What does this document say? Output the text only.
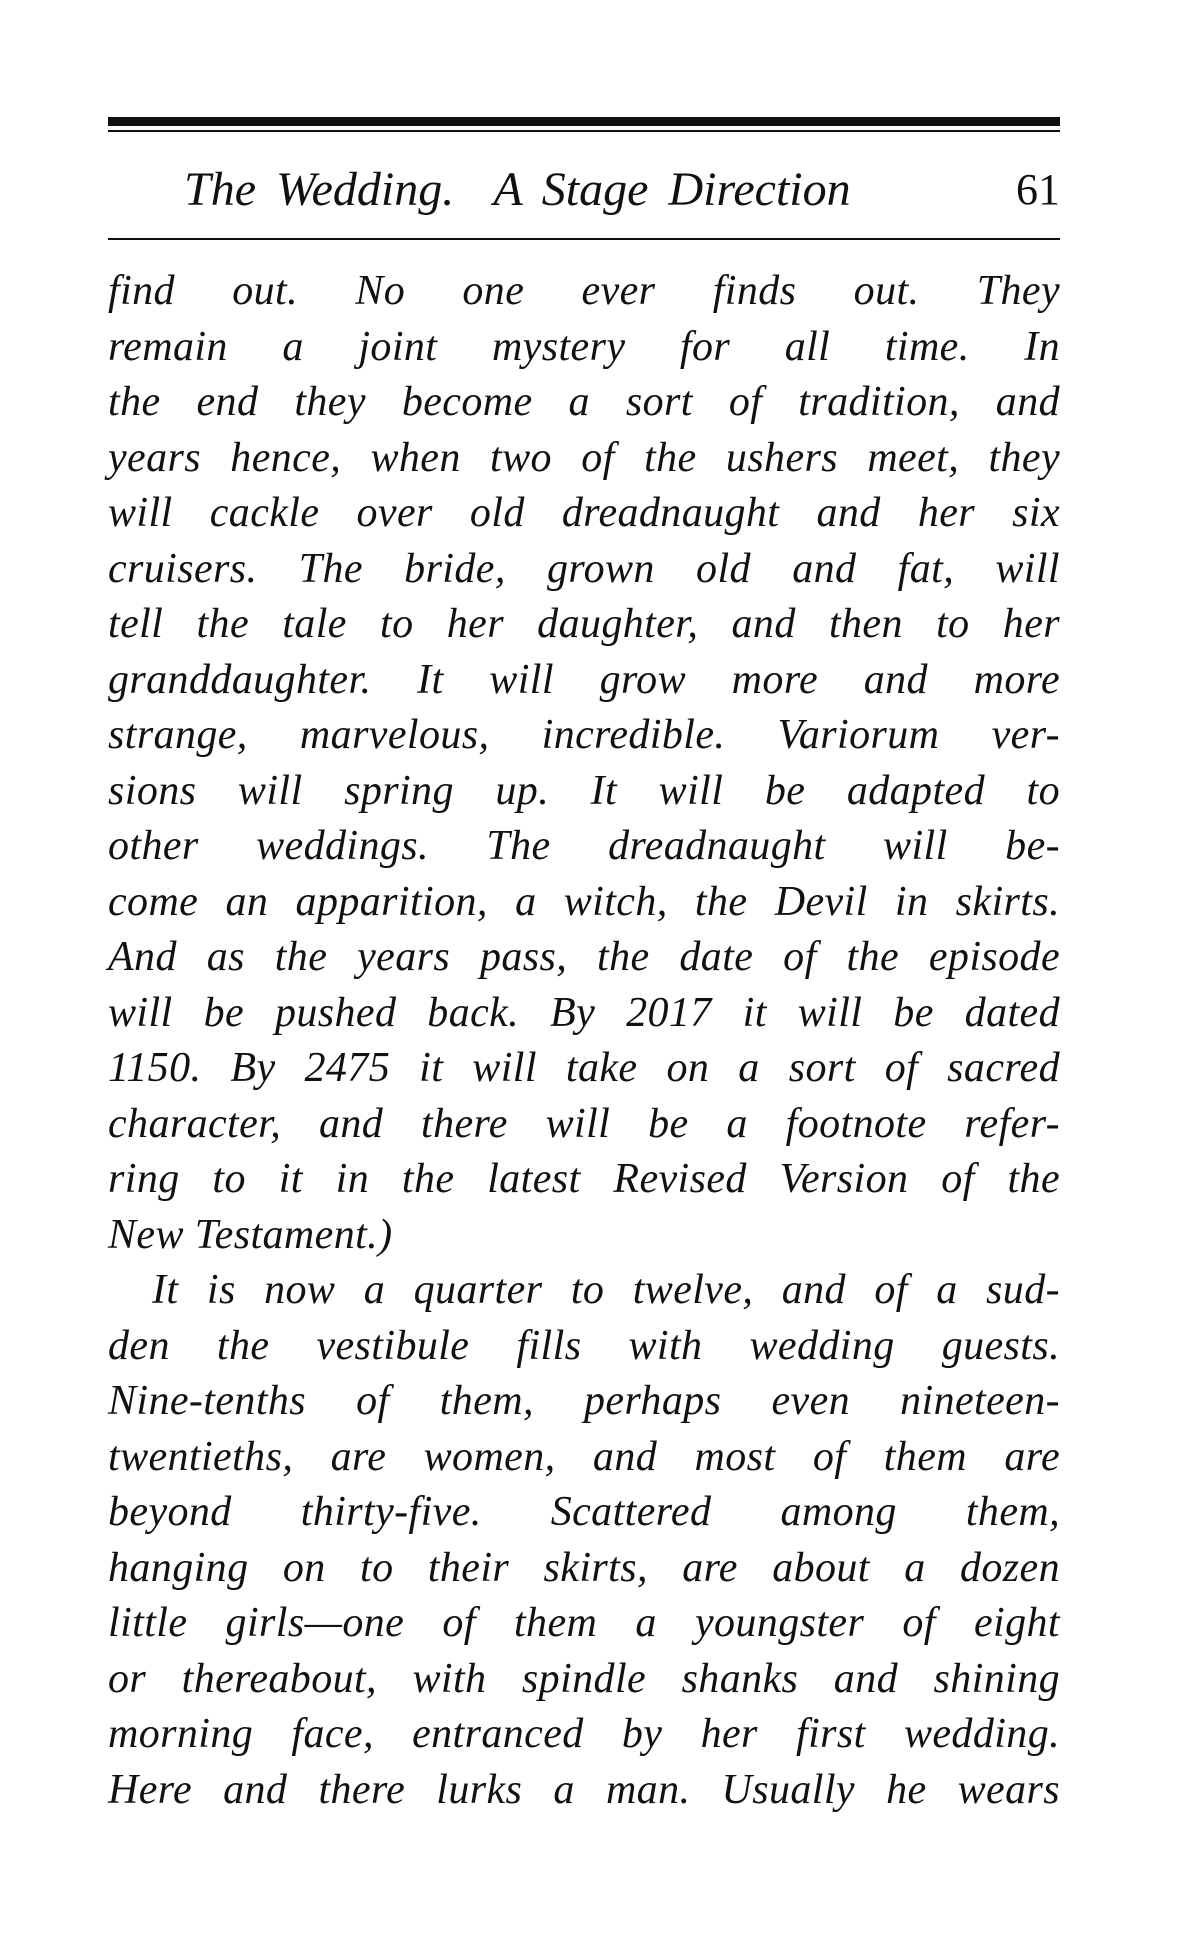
The Wedding.  A Stage Direction	61
find out. No one ever finds out. They
remain a joint mystery for all time. In
the end they become a sort of tradition, and
years hence, when two of the ushers meet, they
will cackle over old dreadnaught and her six
cruisers. The bride, grown old and fat, will
tell the tale to her daughter, and then to her
granddaughter. It will grow more and more
strange, marvelous, incredible. Variorum ver-
sions will spring up. It will be adapted to
other weddings. The dreadnaught will be-
come an apparition, a witch, the Devil in skirts.
And as the years pass, the date of the episode
will be pushed back. By 2017 it will be dated
1150. By 2475 it will take on a sort of sacred
character, and there will be a footnote refer-
ring to it in the latest Revised Version of the
New Testament.)
It is now a quarter to twelve, and of a sud-
den the vestibule fills with wedding guests.
Nine-tenths of them, perhaps even nineteen-
twentieths, are women, and most of them are
beyond thirty-five. Scattered among them,
hanging on to their skirts, are about a dozen
little girls—one of them a youngster of eight
or thereabout, with spindle shanks and shining
morning face, entranced by her first wedding.
Here and there lurks a man. Usually he wears
